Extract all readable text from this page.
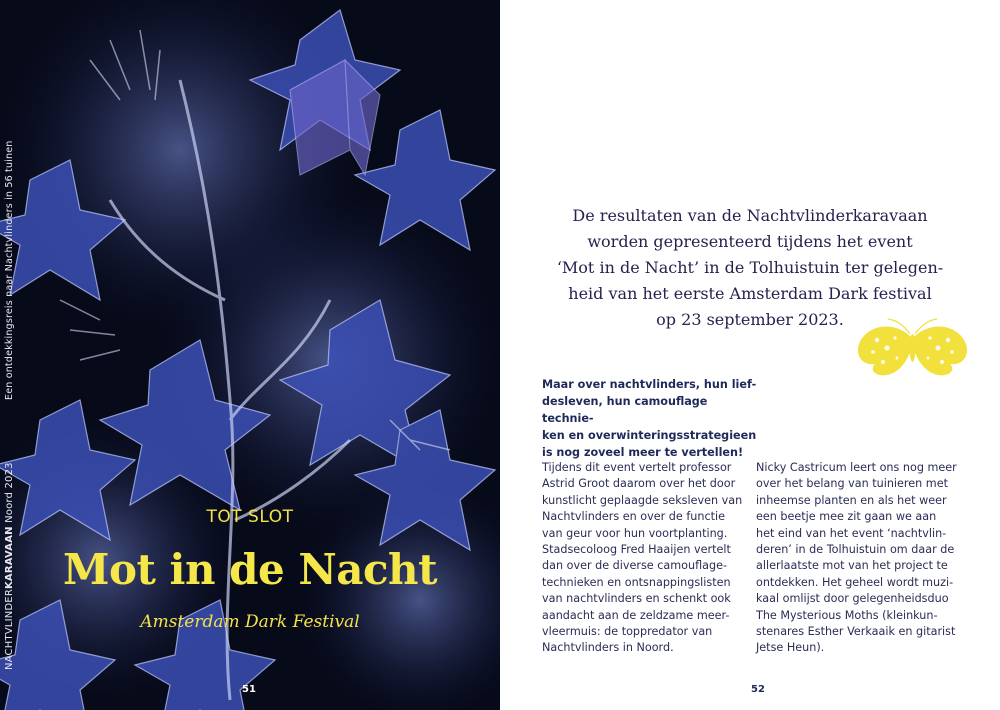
NACHTVLINDERKARAVAAN Noord 2023
Een ontdekkingsreis naar Nachtvlinders in 56 tuinen
TOT SLOT
Mot in de Nacht
Amsterdam Dark Festival
51
De resultaten van de Nachtvlinderkaravaan
worden gepresenteerd tijdens het event
‘Mot in de Nacht’ in de Tolhuistuin ter gelegen-
heid van het eerste Amsterdam Dark festival
op 23 september 2023.
Maar over nachtvlinders, hun lief-
desleven, hun camouflage techniе-
ken en overwinteringsstrategieen
is nog zoveel meer te vertellen!
Tijdens dit event vertelt professor
Astrid Groot daarom over het door
kunstlicht geplaagde seksleven van
Nachtvlinders en over de functie
van geur voor hun voortplanting.
Stadsecoloog Fred Haaijen vertelt
dan over de diverse camouflage-
technieken en ontsnappingslisten
van nachtvlinders en schenkt ook
aandacht aan de zeldzame meer-
vleermuis: de toppredator van
Nachtvlinders in Noord.
Nicky Castricum leert ons nog meer
over het belang van tuinieren met
inheemse planten en als het weer
een beetje mee zit gaan we aan
het eind van het event ‘nachtvlin-
deren’ in de Tolhuistuin om daar de
allerlaatste mot van het project te
ontdekken. Het geheel wordt muzi-
kaal omlijst door gelegenheidsduo
The Mysterious Moths (kleinkun-
stenares Esther Verkaaik en gitarist
Jetse Heun).
52
